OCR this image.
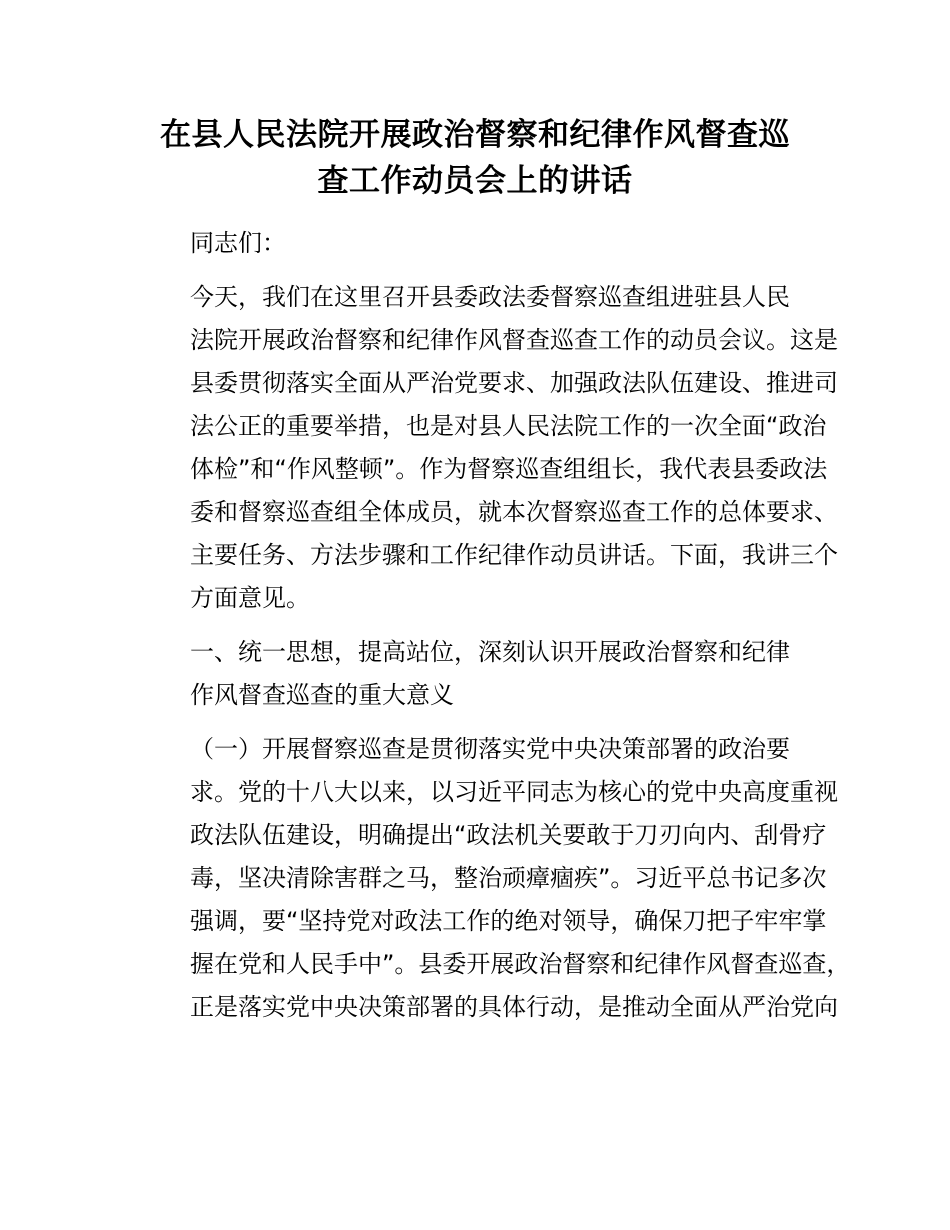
在县人民法院开展政治督察和纪律作风督查巡
查工作动员会上的讲话

同志们：

今天，我们在这里召开县委政法委督察巡查组进驻县人民
法院开展政治督察和纪律作风督查巡查工作的动员会议。这是
县委贯彻落实全面从严治党要求、加强政法队伍建设、推进司
法公正的重要举措，也是对县人民法院工作的一次全面“政治
体检”和“作风整顿”。作为督察巡查组组长，我代表县委政法
委和督察巡查组全体成员，就本次督察巡查工作的总体要求、
主要任务、方法步骤和工作纪律作动员讲话。下面，我讲三个
方面意见。

一、统一思想，提高站位，深刻认识开展政治督察和纪律
作风督查巡查的重大意义

（一）开展督察巡查是贯彻落实党中央决策部署的政治要
求。党的十八大以来，以习近平同志为核心的党中央高度重视
政法队伍建设，明确提出“政法机关要敢于刀刃向内、刮骨疗
毒，坚决清除害群之马，整治顽瘴痼疾”。习近平总书记多次
强调，要“坚持党对政法工作的绝对领导，确保刀把子牢牢掌
握在党和人民手中”。县委开展政治督察和纪律作风督查巡查，
正是落实党中央决策部署的具体行动，是推动全面从严治党向
